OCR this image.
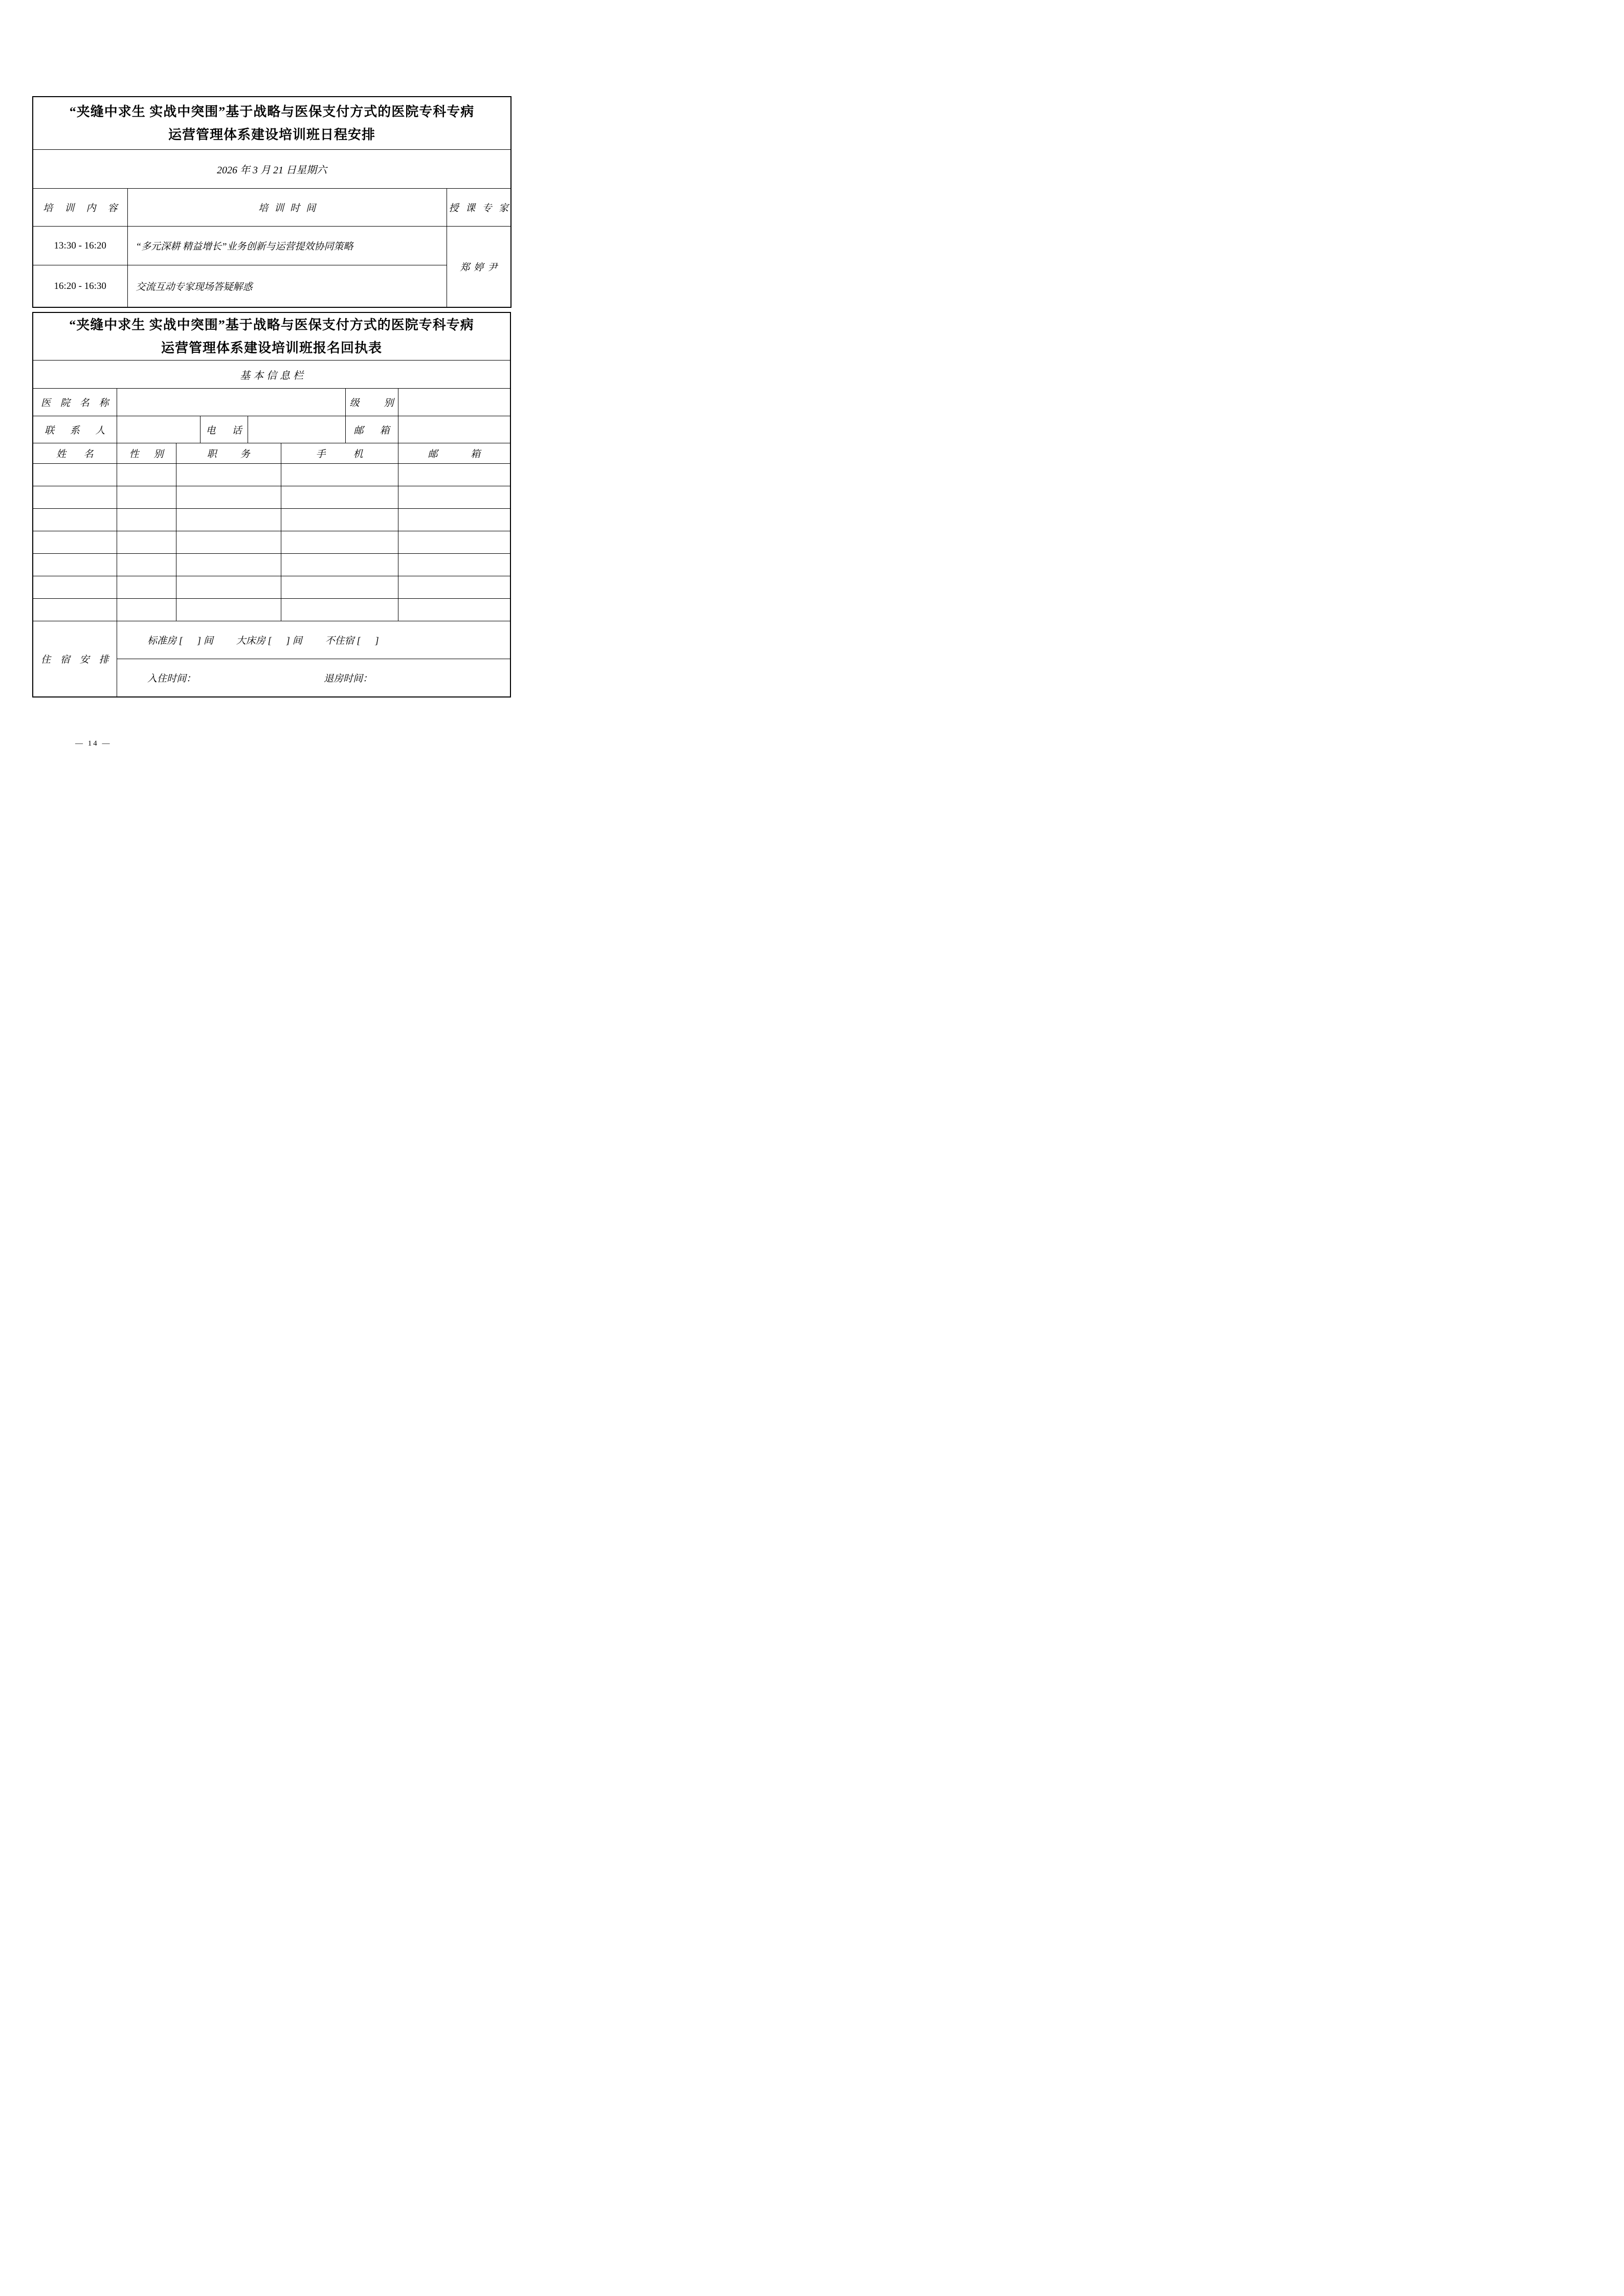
“夹缝中求生 实战中突围”基于战略与医保支付方式的医院专科专病
运营管理体系建设培训班日程安排		

2026 年 3 月 21 日星期六		
培训内容	培训时间	授课专家
13:30 - 16:20	“多元深耕 精益增长”业务创新与运营提效协同策略	郑婷尹
16:20 - 16:30	交流互动专家现场答疑解惑	
“夹缝中求生 实战中突围”基于战略与医保支付方式的医院专科专病
运营管理体系建设培训班报名回执表							

基本信息栏							
医院名称						级别	
联系人			电话			邮箱	
姓名	性别	职务			手机		邮箱

住宿安排	标准房 [      ] 间 大床房 [      ] 间 不住宿 [      ]						

入住时间： 退房时间：						

— 14 —
